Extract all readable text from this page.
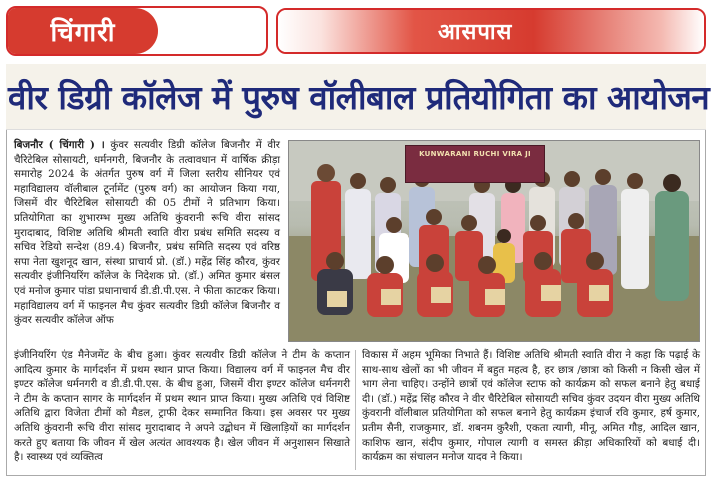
चिंगारी	आसपास
वीर डिग्री कॉलेज में पुरुष वॉलीबाल प्रतियोगिता का आयोजन
KUNWARANI RUCHI VIRA JI
बिजनौर ( चिंगारी ) । कुंवर सत्यवीर डिग्री कॉलेज बिजनौर में वीर चैरिटेबिल सोसायटी, धर्मनगरी, बिजनौर के तत्वावधान में वार्षिक क्रीड़ा समारोह 2024 के अंतर्गत पुरुष वर्ग में जिला स्तरीय सीनियर एवं महाविद्यालय वॉलीबाल टूर्नामेंट (पुरुष वर्ग) का आयोजन किया गया, जिसमें वीर चैरिटेबिल सोसायटी की 05 टीमों ने प्रतिभाग किया। प्रतियोगिता का शुभारम्भ मुख्य अतिथि कुंवरानी रूचि वीरा सांसद मुरादाबाद, विशिष्ट अतिथि श्रीमती स्वाति वीरा प्रबंध समिति सदस्य व सचिव रेडियो सन्देश (89.4) बिजनौर, प्रबंध समिति सदस्य एवं वरिष्ठ सपा नेता खुशनूद खान, संस्था प्राचार्य प्रो. (डॉ.) महेंद्र सिंह कौरव, कुंवर सत्यवीर इंजीनियरिंग कॉलेज के निदेशक प्रो. (डॉ.) अमित कुमार बंसल एवं मनोज कुमार पांडा प्रधानाचार्य डी.डी.पी.एस. ने फीता काटकर किया। महाविद्यालय वर्ग में फाइनल मैच कुंवर सत्यवीर डिग्री कॉलेज बिजनौर व कुंवर सत्यवीर कॉलेज ऑफ
इंजीनियरिंग एंड मैनेजमेंट के बीच हुआ। कुंवर सत्यवीर डिग्री कॉलेज ने टीम के कप्तान आदित्य कुमार के मार्गदर्शन में प्रथम स्थान प्राप्त किया। विद्यालय वर्ग में फाइनल मैच वीर इण्टर कॉलेज धर्मनगरी व डी.डी.पी.एस. के बीच हुआ, जिसमें वीरा इण्टर कॉलेज धर्मनगरी ने टीम के कप्तान सागर के मार्गदर्शन में प्रथम स्थान प्राप्त किया। मुख्य अतिथि एवं विशिष्ट अतिथि द्वारा विजेता टीमों को मैडल, ट्राफी देकर सम्मानित किया। इस अवसर पर मुख्य अतिथि कुंवरानी रूचि वीरा सांसद मुरादाबाद ने अपने उद्बोधन में खिलाड़ियों का मार्गदर्शन करते हुए बताया कि जीवन में खेल अत्यंत आवश्यक है। खेल जीवन में अनुशासन सिखाते है। स्वास्थ्य एवं व्यक्तित्व
विकास में अहम भूमिका निभाते हैं। विशिष्ट अतिथि श्रीमती स्वाति वीरा ने कहा कि पढ़ाई के साथ-साथ खेलों का भी जीवन में बहुत महत्व है, हर छात्र /छात्रा को किसी न किसी खेल में भाग लेना चाहिए। उन्होंने छात्रों एवं कॉलेज स्टाफ को कार्यक्रम को सफल बनाने हेतु बधाई दी। (डॉ.) महेंद्र सिंह कौरव ने वीर चैरिटेबिल सोसायटी सचिव कुंवर उदयन वीरा मुख्य अतिथि कुंवरानी वॉलीबाल प्रतियोगिता को सफल बनाने हेतु कार्यक्रम इंचार्ज रवि कुमार, हर्ष कुमार, प्रतीम सैनी, राजकुमार, डॉ. शबनम कुरैशी, एकता त्यागी, मीनू, अमित गौड़, आदिल खान, काशिफ खान, संदीप कुमार, गोपाल त्यागी व समस्त क्रीड़ा अधिकारियों को बधाई दी। कार्यक्रम का संचालन मनोज यादव ने किया।
